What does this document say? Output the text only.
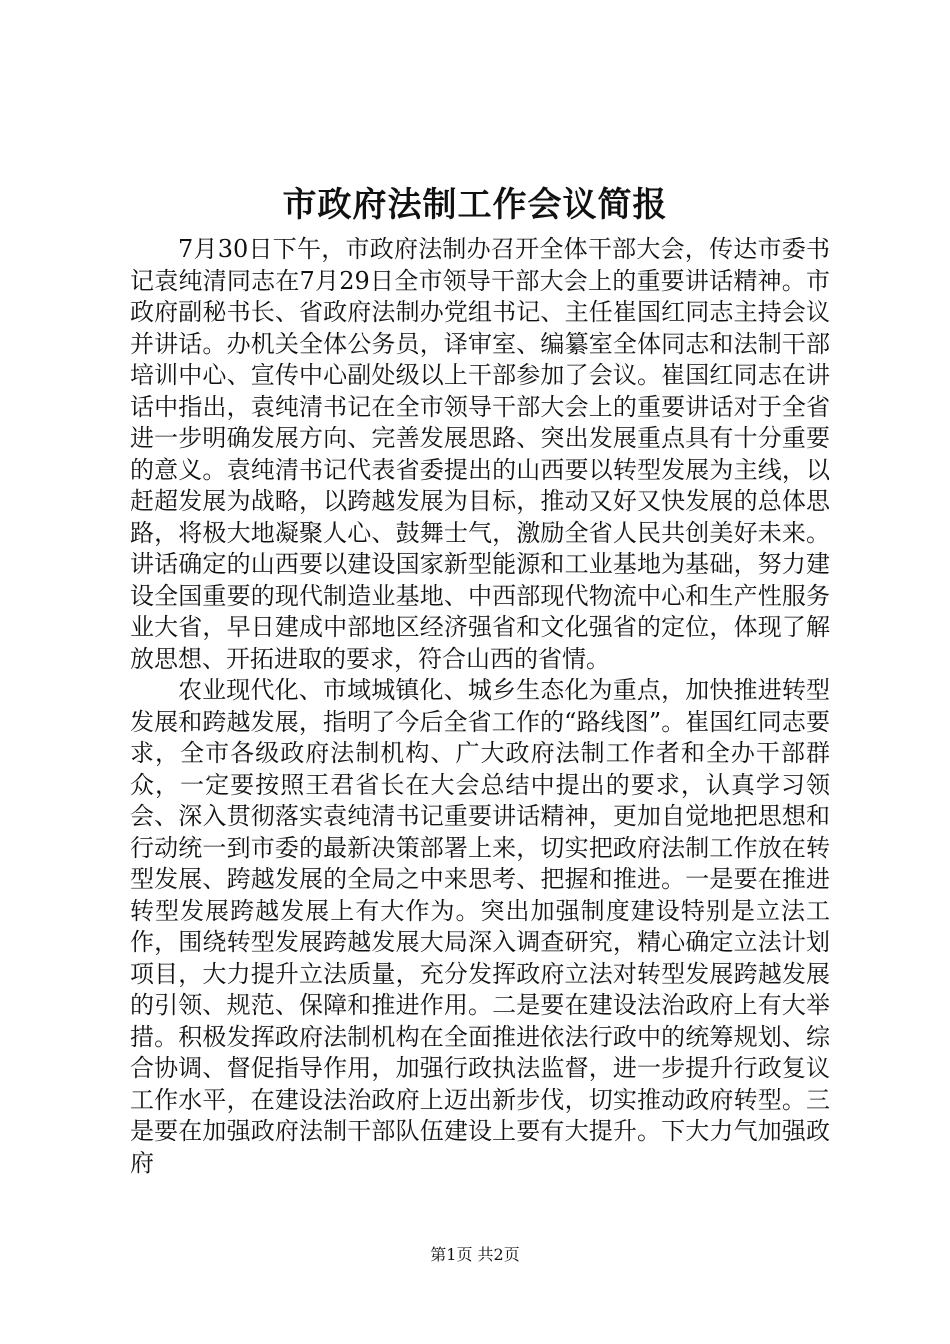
市政府法制工作会议简报

7月30日下午，市政府法制办召开全体干部大会，传达市委书记袁纯清同志在7月29日全市领导干部大会上的重要讲话精神。市政府副秘书长、省政府法制办党组书记、主任崔国红同志主持会议并讲话。办机关全体公务员，译审室、编纂室全体同志和法制干部培训中心、宣传中心副处级以上干部参加了会议。崔国红同志在讲话中指出，袁纯清书记在全市领导干部大会上的重要讲话对于全省进一步明确发展方向、完善发展思路、突出发展重点具有十分重要的意义。袁纯清书记代表省委提出的山西要以转型发展为主线，以赶超发展为战略，以跨越发展为目标，推动又好又快发展的总体思路，将极大地凝聚人心、鼓舞士气，激励全省人民共创美好未来。讲话确定的山西要以建设国家新型能源和工业基地为基础，努力建设全国重要的现代制造业基地、中西部现代物流中心和生产性服务业大省，早日建成中部地区经济强省和文化强省的定位，体现了解放思想、开拓进取的要求，符合山西的省情。

农业现代化、市域城镇化、城乡生态化为重点，加快推进转型发展和跨越发展，指明了今后全省工作的“路线图”。崔国红同志要求，全市各级政府法制机构、广大政府法制工作者和全办干部群众，一定要按照王君省长在大会总结中提出的要求，认真学习领会、深入贯彻落实袁纯清书记重要讲话精神，更加自觉地把思想和行动统一到市委的最新决策部署上来，切实把政府法制工作放在转型发展、跨越发展的全局之中来思考、把握和推进。一是要在推进转型发展跨越发展上有大作为。突出加强制度建设特别是立法工作，围绕转型发展跨越发展大局深入调查研究，精心确定立法计划项目，大力提升立法质量，充分发挥政府立法对转型发展跨越发展的引领、规范、保障和推进作用。二是要在建设法治政府上有大举措。积极发挥政府法制机构在全面推进依法行政中的统筹规划、综合协调、督促指导作用，加强行政执法监督，进一步提升行政复议工作水平，在建设法治政府上迈出新步伐，切实推动政府转型。三是要在加强政府法制干部队伍建设上要有大提升。下大力气加强政府

第1页 共2页
